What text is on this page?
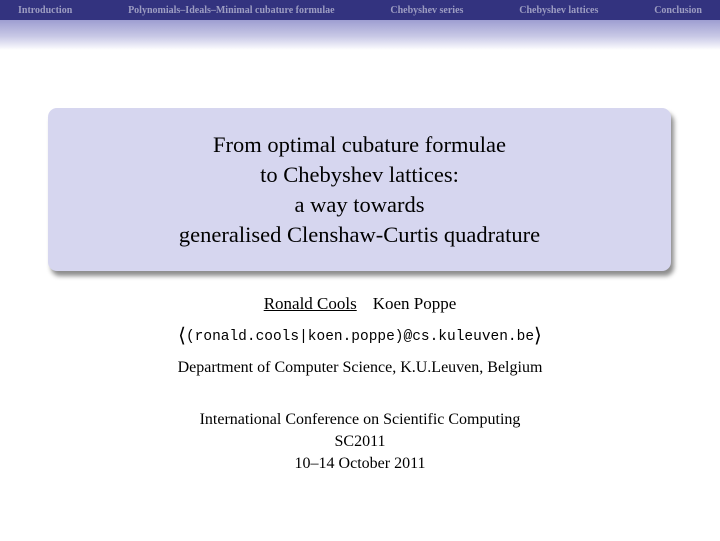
Introduction	Polynomials–Ideals–Minimal cubature formulae	Chebyshev series	Chebyshev lattices	Conclusion
From optimal cubature formulae
to Chebyshev lattices:
a way towards
generalised Clenshaw-Curtis quadrature
Ronald Cools Koen Poppe
⟨(ronald.cools|koen.poppe)@cs.kuleuven.be⟩
Department of Computer Science, K.U.Leuven, Belgium
International Conference on Scientific Computing
SC2011
10–14 October 2011
